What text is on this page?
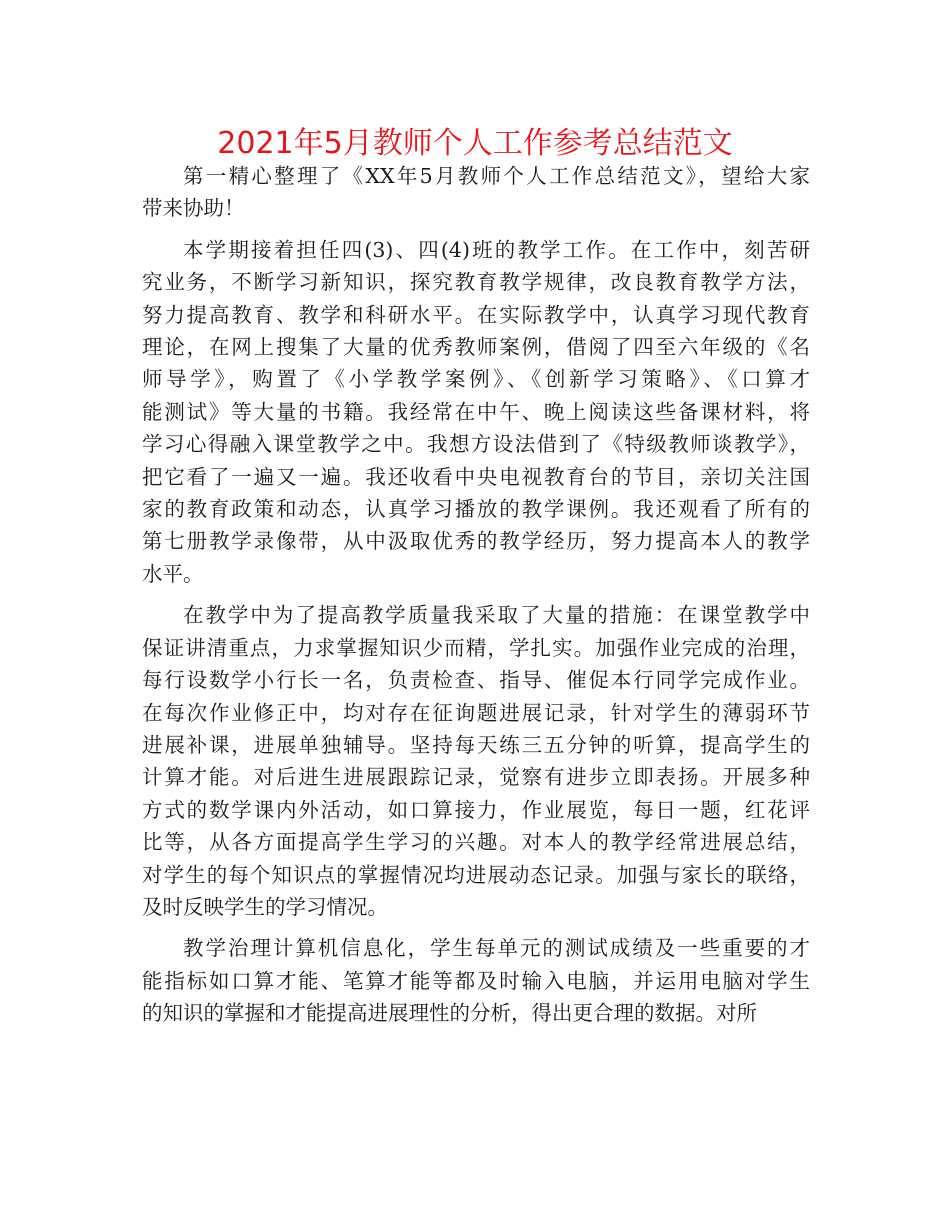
2021年5月教师个人工作参考总结范文
第一精心整理了《XX年5月教师个人工作总结范文》，望给大家
带来协助！
本学期接着担任四(3)、四(4)班的教学工作。在工作中，刻苦研
究业务，不断学习新知识，探究教育教学规律，改良教育教学方法，
努力提高教育、教学和科研水平。在实际教学中，认真学习现代教育
理论，在网上搜集了大量的优秀教师案例，借阅了四至六年级的《名
师导学》，购置了《小学教学案例》、《创新学习策略》、《口算才
能测试》等大量的书籍。我经常在中午、晚上阅读这些备课材料，将
学习心得融入课堂教学之中。我想方设法借到了《特级教师谈教学》，
把它看了一遍又一遍。我还收看中央电视教育台的节目，亲切关注国
家的教育政策和动态，认真学习播放的教学课例。我还观看了所有的
第七册教学录像带，从中汲取优秀的教学经历，努力提高本人的教学
水平。
在教学中为了提高教学质量我采取了大量的措施：在课堂教学中
保证讲清重点，力求掌握知识少而精，学扎实。加强作业完成的治理，
每行设数学小行长一名，负责检查、指导、催促本行同学完成作业。
在每次作业修正中，均对存在征询题进展记录，针对学生的薄弱环节
进展补课，进展单独辅导。坚持每天练三五分钟的听算，提高学生的
计算才能。对后进生进展跟踪记录，觉察有进步立即表扬。开展多种
方式的数学课内外活动，如口算接力，作业展览，每日一题，红花评
比等，从各方面提高学生学习的兴趣。对本人的教学经常进展总结，
对学生的每个知识点的掌握情况均进展动态记录。加强与家长的联络，
及时反映学生的学习情况。
教学治理计算机信息化，学生每单元的测试成绩及一些重要的才
能指标如口算才能、笔算才能等都及时输入电脑，并运用电脑对学生
的知识的掌握和才能提高进展理性的分析，得出更合理的数据。对所
